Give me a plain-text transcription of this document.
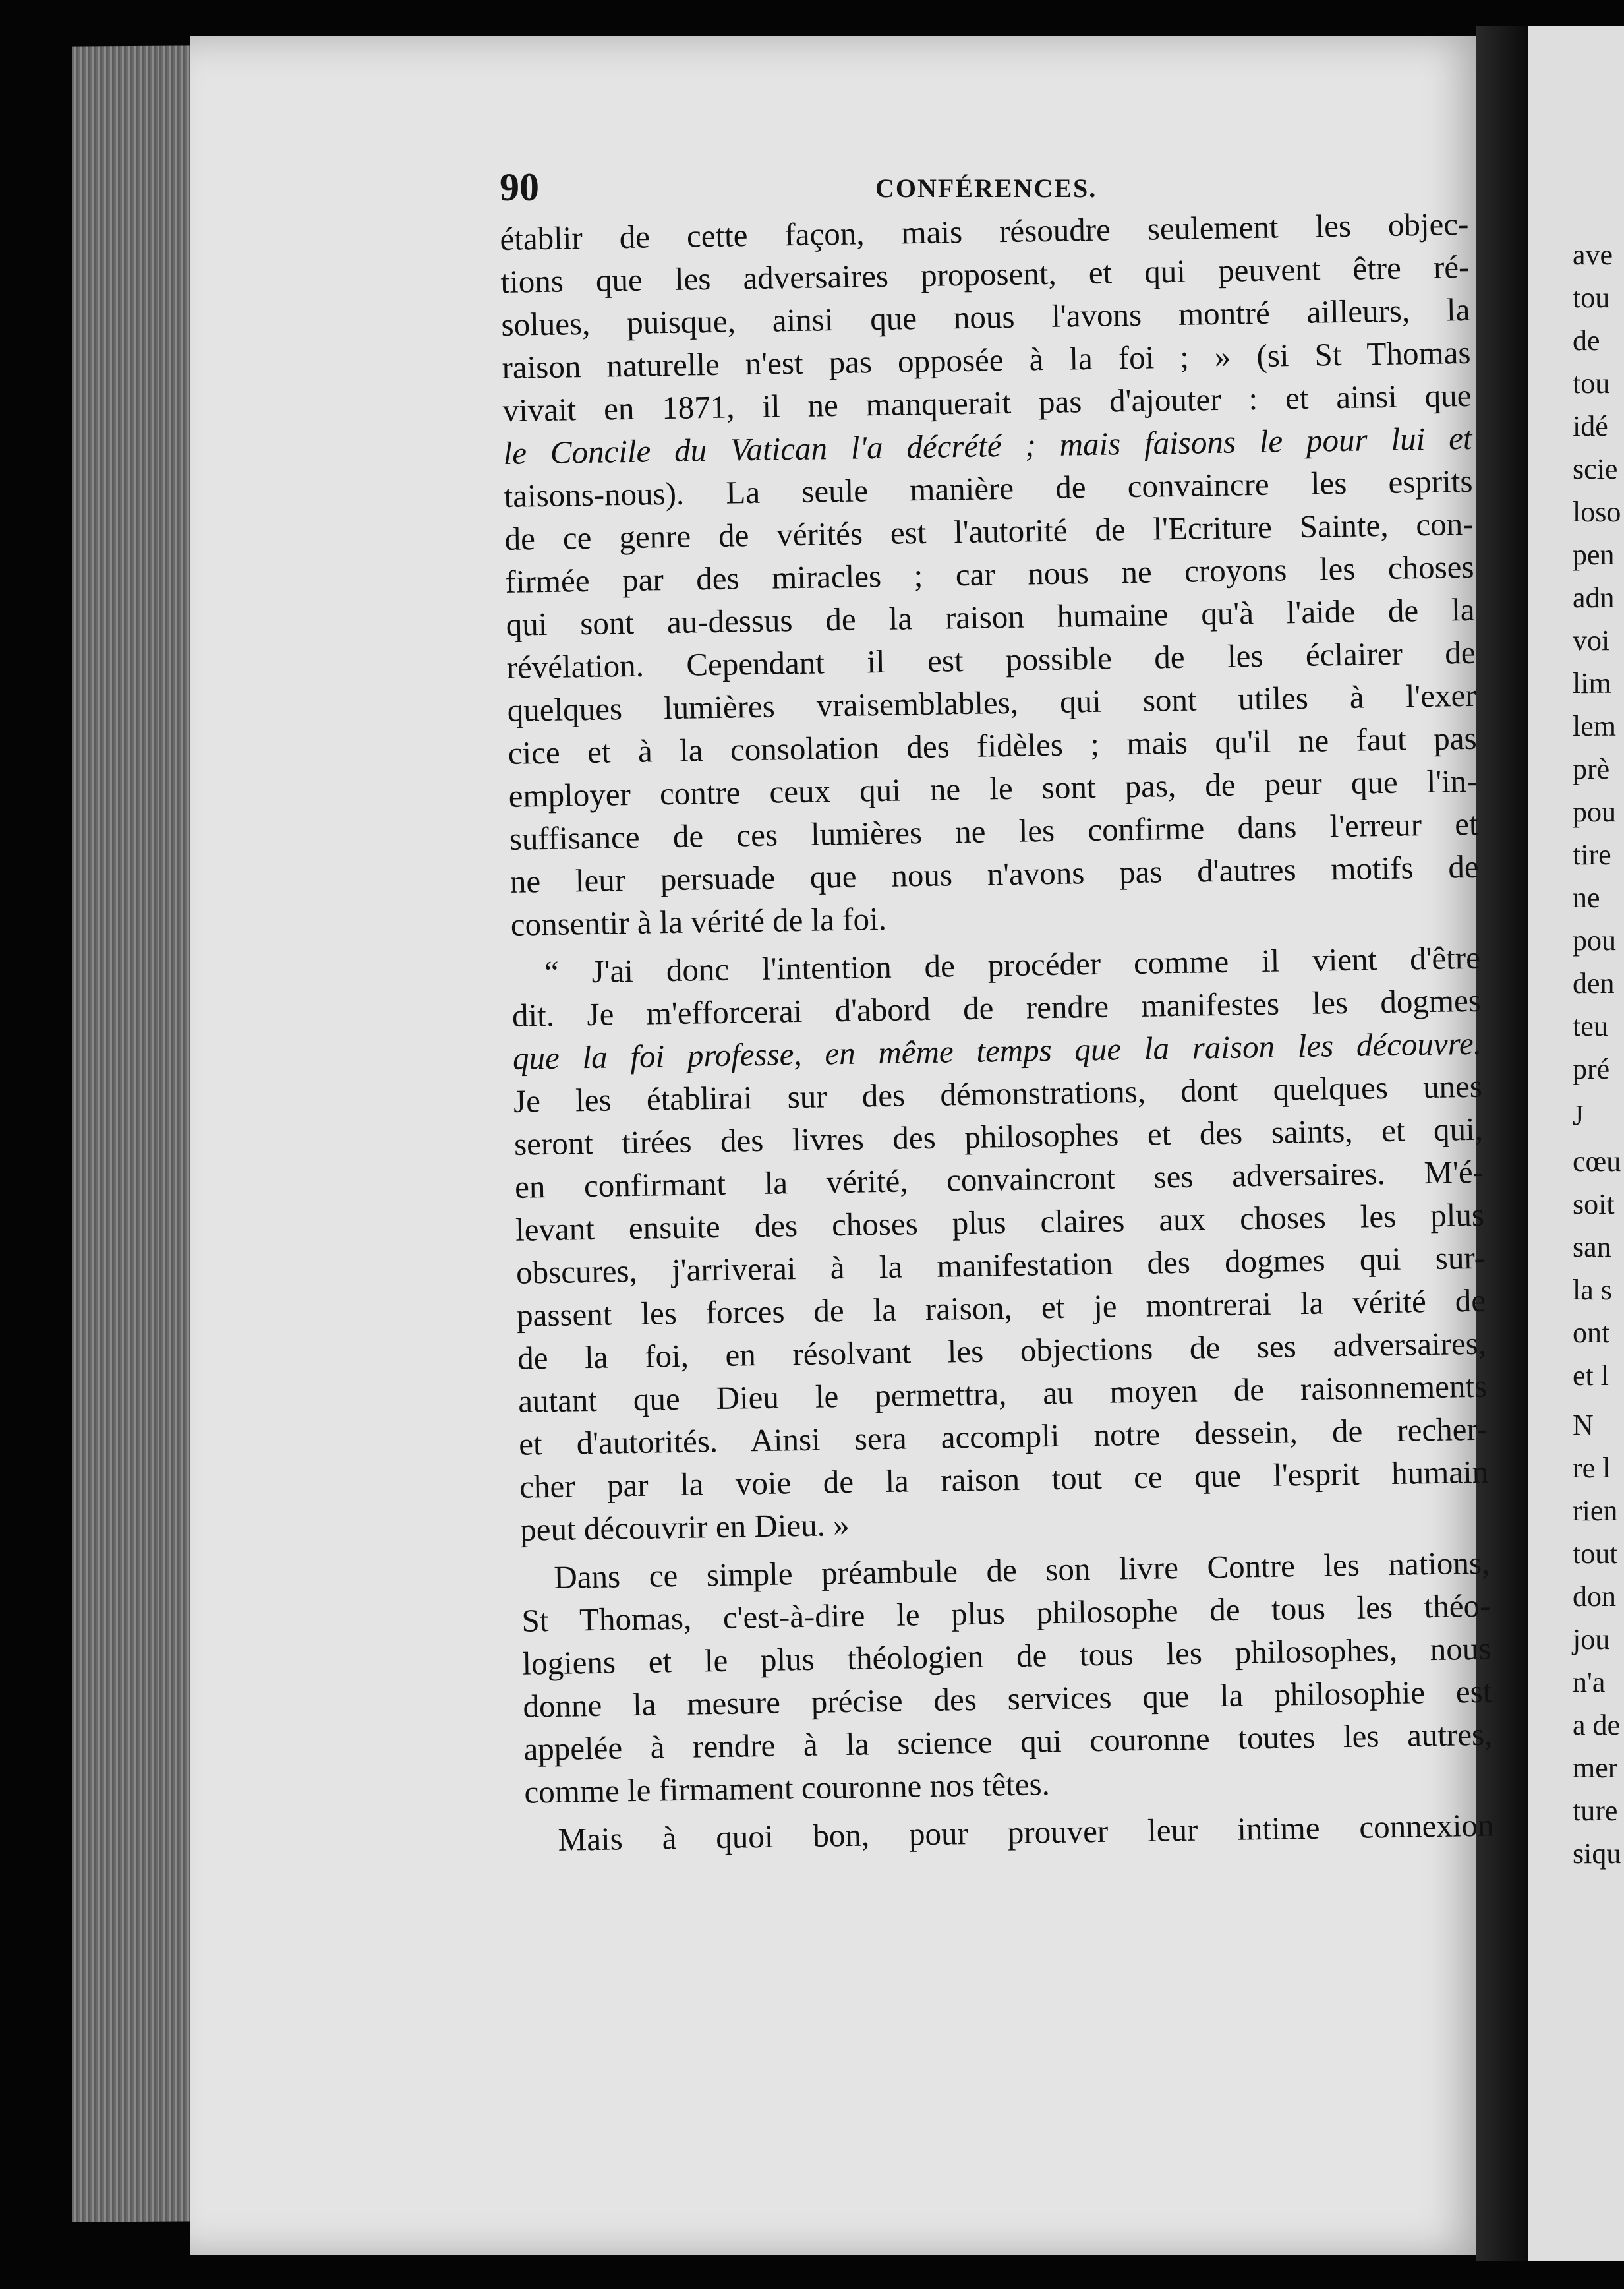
ave
tou
de
tou
idé
scie
loso
pen
adn
voi
lim
lem
prè
pou
tire
ne
pou
den
teu
pré
J
cœu
soit
san
la s
ont
et l
N
re l
rien
tout
don
jou
n'a
a de
mer
ture
siqu
90	CONFÉRENCES.
établir de cette façon, mais résoudre seulement les objec-
tions que les adversaires proposent, et qui peuvent être ré-
solues, puisque, ainsi que nous l'avons montré ailleurs, la
raison naturelle n'est pas opposée à la foi ; » (si St Thomas
vivait en 1871, il ne manquerait pas d'ajouter : et ainsi que
le Concile du Vatican l'a décrété ; mais faisons le pour lui et
taisons-nous). La seule manière de convaincre les esprits
de ce genre de vérités est l'autorité de l'Ecriture Sainte, con-
firmée par des miracles ; car nous ne croyons les choses
qui sont au-dessus de la raison humaine qu'à l'aide de la
révélation. Cependant il est possible de les éclairer de
quelques lumières vraisemblables, qui sont utiles à l'exer
cice et à la consolation des fidèles ; mais qu'il ne faut pas
employer contre ceux qui ne le sont pas, de peur que l'in-
suffisance de ces lumières ne les confirme dans l'erreur et
ne leur persuade que nous n'avons pas d'autres motifs de
consentir à la vérité de la foi.
“ J'ai donc l'intention de procéder comme il vient d'être
dit. Je m'efforcerai d'abord de rendre manifestes les dogmes
que la foi professe, en même temps que la raison les découvre.
Je les établirai sur des démonstrations, dont quelques unes
seront tirées des livres des philosophes et des saints, et qui,
en confirmant la vérité, convaincront ses adversaires. M'é-
levant ensuite des choses plus claires aux choses les plus
obscures, j'arriverai à la manifestation des dogmes qui sur-
passent les forces de la raison, et je montrerai la vérité de
de la foi, en résolvant les objections de ses adversaires,
autant que Dieu le permettra, au moyen de raisonnements
et d'autorités. Ainsi sera accompli notre dessein, de recher-
cher par la voie de la raison tout ce que l'esprit humain
peut découvrir en Dieu. »
Dans ce simple préambule de son livre Contre les nations,
St Thomas, c'est-à-dire le plus philosophe de tous les théo-
logiens et le plus théologien de tous les philosophes, nous
donne la mesure précise des services que la philosophie est
appelée à rendre à la science qui couronne toutes les autres,
comme le firmament couronne nos têtes.
Mais à quoi bon, pour prouver leur intime connexion
